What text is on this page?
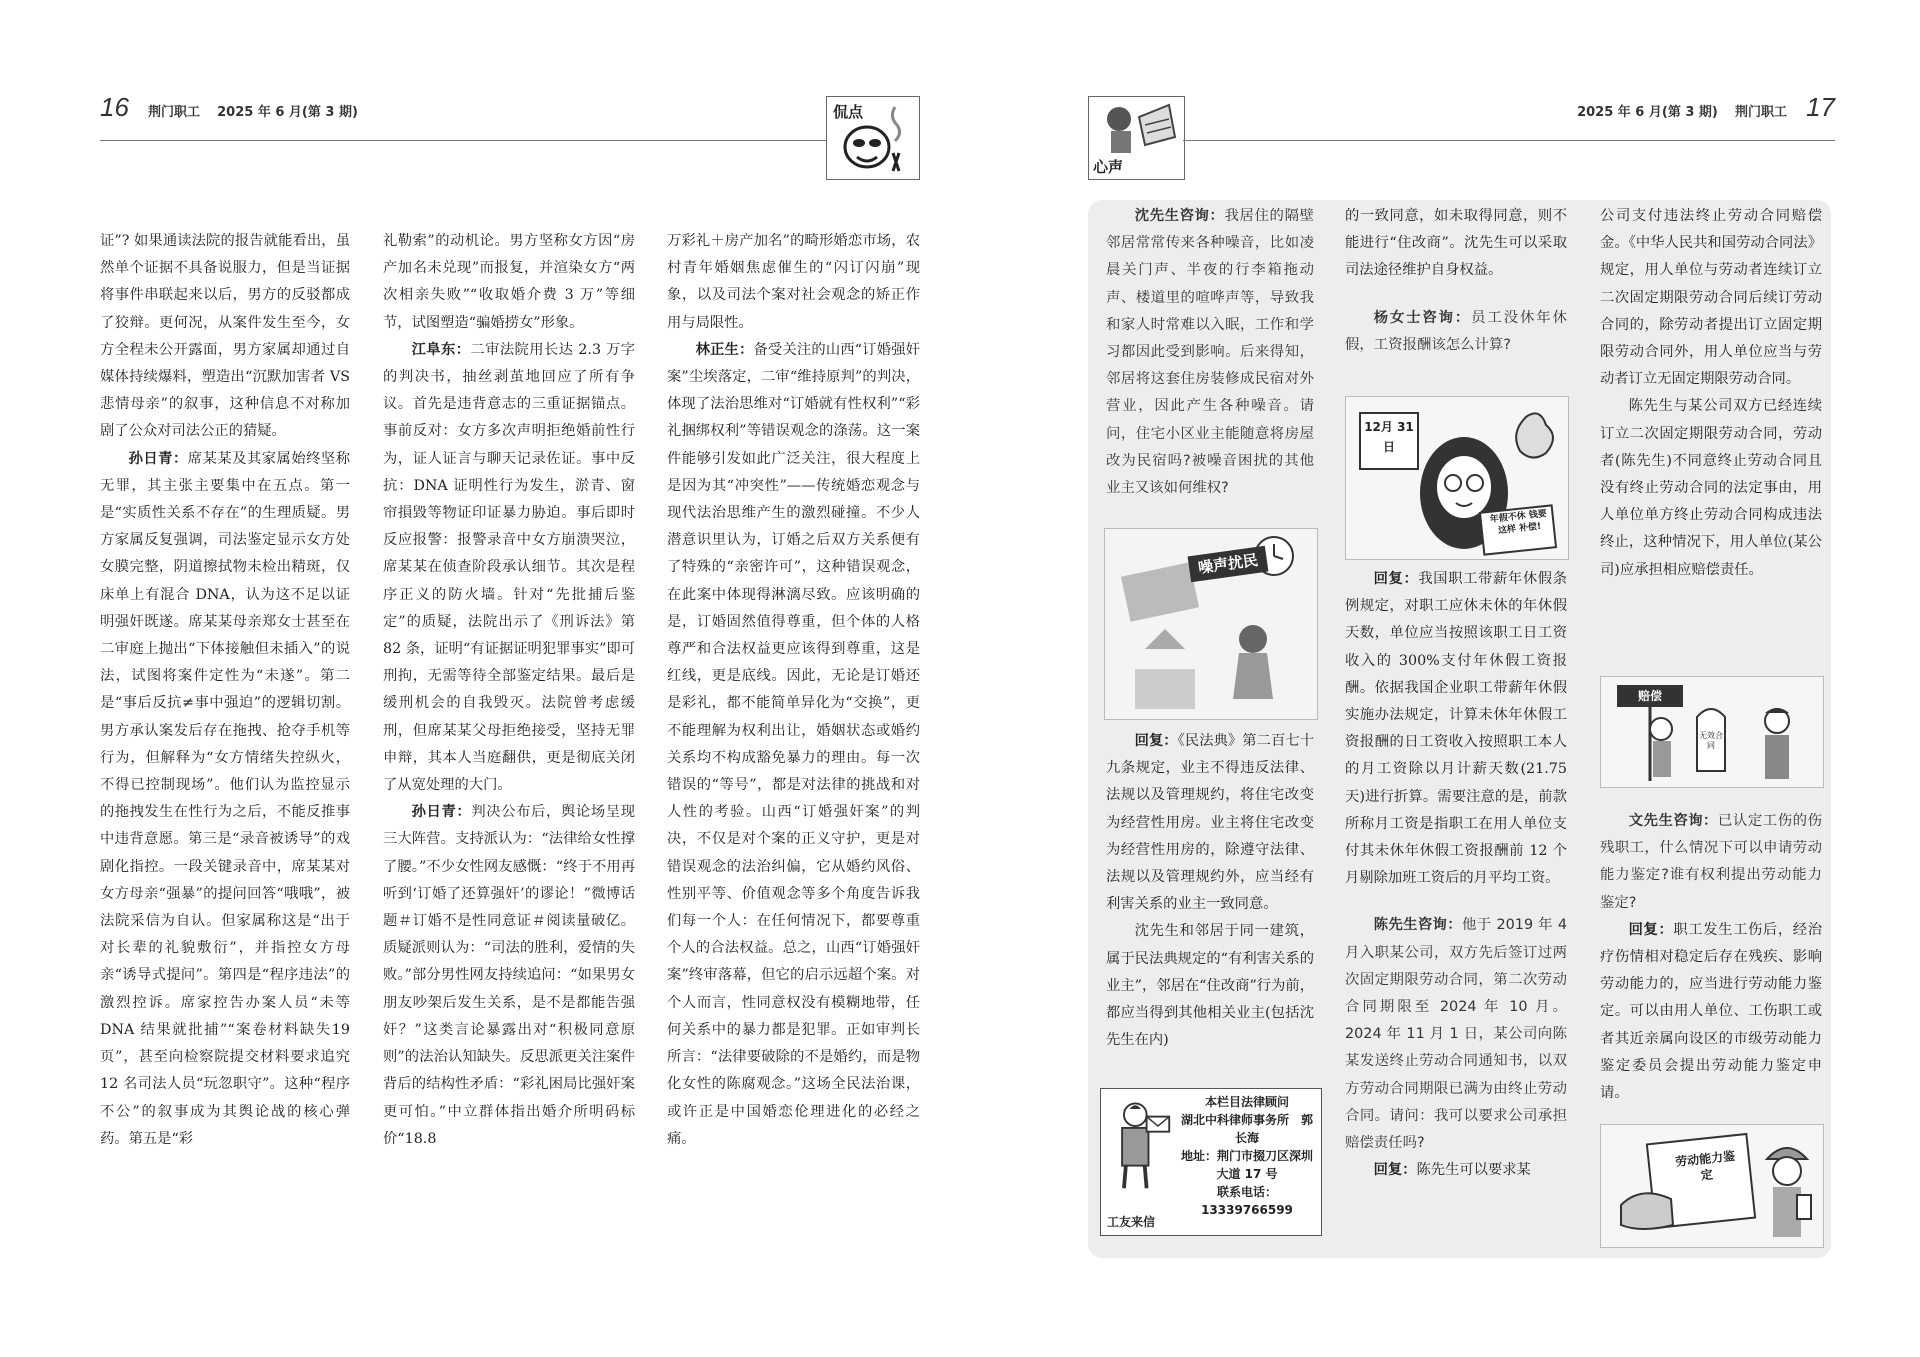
16 荆门职工 2025 年 6 月(第 3 期)	侃点

证”? 如果通读法院的报告就能看出，虽然单个证据不具备说服力，但是当证据将事件串联起来以后，男方的反驳都成了狡辩。更何况，从案件发生至今，女方全程未公开露面，男方家属却通过自媒体持续爆料，塑造出“沉默加害者 VS 悲情母亲”的叙事，这种信息不对称加剧了公众对司法公正的猜疑。

孙日青：席某某及其家属始终坚称无罪，其主张主要集中在五点。第一是“实质性关系不存在”的生理质疑。男方家属反复强调，司法鉴定显示女方处女膜完整，阴道擦拭物未检出精斑，仅床单上有混合 DNA，认为这不足以证明强奸既遂。席某某母亲郑女士甚至在二审庭上抛出“下体接触但未插入”的说法，试图将案件定性为“未遂”。第二是“事后反抗≠事中强迫”的逻辑切割。男方承认案发后存在拖拽、抢夺手机等行为，但解释为“女方情绪失控纵火，不得已控制现场”。他们认为监控显示的拖拽发生在性行为之后，不能反推事中违背意愿。第三是“录音被诱导”的戏剧化指控。一段关键录音中，席某某对女方母亲“强暴”的提问回答“哦哦”，被法院采信为自认。但家属称这是“出于对长辈的礼貌敷衍”，并指控女方母亲“诱导式提问”。第四是“程序违法”的激烈控诉。席家控告办案人员“未等DNA 结果就批捕”“案卷材料缺失19 页”，甚至向检察院提交材料要求追究 12 名司法人员“玩忽职守”。这种“程序不公”的叙事成为其舆论战的核心弹药。第五是“彩

礼勒索”的动机论。男方坚称女方因“房产加名未兑现”而报复，并渲染女方“两次相亲失败”“收取婚介费 3 万”等细节，试图塑造“骗婚捞女”形象。

江阜东：二审法院用长达 2.3 万字的判决书，抽丝剥茧地回应了所有争议。首先是违背意志的三重证据锚点。事前反对：女方多次声明拒绝婚前性行为，证人证言与聊天记录佐证。事中反抗：DNA 证明性行为发生，淤青、窗帘損毀等物证印证暴力胁迫。事后即时反应报警：报警录音中女方崩溃哭泣，席某某在侦查阶段承认细节。其次是程序正义的防火墙。针对“先批捕后鉴定”的质疑，法院出示了《刑诉法》第 82 条，证明“有证据证明犯罪事实”即可刑拘，无需等待全部鉴定结果。最后是缓刑机会的自我毁灭。法院曾考虑缓刑，但席某某父母拒绝接受，坚持无罪申辩，其本人当庭翻供，更是彻底关闭了从宽处理的大门。

孙日青：判决公布后，舆论场呈现三大阵营。支持派认为：“法律给女性撑了腰。”不少女性网友感慨：“终于不用再听到‘订婚了还算强奸’的谬论！”微博话题＃订婚不是性同意证＃阅读量破亿。质疑派则认为：“司法的胜利，爱情的失败。”部分男性网友持续追问：“如果男女朋友吵架后发生关系，是不是都能告强奸？”这类言论暴露出对“积极同意原则”的法治认知缺失。反思派更关注案件背后的结构性矛盾：“彩礼困局比强奸案更可怕。”中立群体指出婚介所明码标价“18.8

万彩礼＋房产加名”的畸形婚恋市场，农村青年婚姻焦虑催生的“闪订闪崩”现象，以及司法个案对社会观念的矫正作用与局限性。

林正生：备受关注的山西“订婚强奸案”尘埃落定，二审“维持原判”的判决，体现了法治思维对“订婚就有性权利”“彩礼捆绑权利”等错误观念的涤荡。这一案件能够引发如此广泛关注，很大程度上是因为其“冲突性”——传统婚恋观念与现代法治思维产生的激烈碰撞。不少人潜意识里认为，订婚之后双方关系便有了特殊的“亲密许可”，这种错误观念，在此案中体现得淋漓尽致。应该明确的是，订婚固然值得尊重，但个体的人格尊严和合法权益更应该得到尊重，这是红线，更是底线。因此，无论是订婚还是彩礼，都不能简单异化为“交换”，更不能理解为权利出让，婚姻状态或婚约关系均不构成豁免暴力的理由。每一次错误的“等号”，都是对法律的挑战和对人性的考验。山西“订婚强奸案”的判决，不仅是对个案的正义守护，更是对错误观念的法治纠偏，它从婚约风俗、性别平等、价值观念等多个角度告诉我们每一个人：在任何情况下，都要尊重个人的合法权益。总之，山西“订婚强奸案”终审落幕，但它的启示远超个案。对个人而言，性同意权没有模糊地带，任何关系中的暴力都是犯罪。正如审判长所言：“法律要破除的不是婚约，而是物化女性的陈腐观念。”这场全民法治课，或许正是中国婚恋伦理进化的必经之痛。

心声
2025 年 6 月(第 3 期) 荆门职工 17

沈先生咨询：我居住的隔壁邻居常常传来各种噪音，比如凌晨关门声、半夜的行李箱拖动声、楼道里的喧哗声等，导致我和家人时常难以入眠，工作和学习都因此受到影响。后来得知，邻居将这套住房装修成民宿对外营业，因此产生各种噪音。请问，住宅小区业主能随意将房屋改为民宿吗?被噪音困扰的其他业主又该如何维权?

噪声扰民

回复：《民法典》第二百七十九条规定，业主不得违反法律、法规以及管理规约，将住宅改变为经营性用房。业主将住宅改变为经营性用房的，除遵守法律、法规以及管理规约外，应当经有利害关系的业主一致同意。

沈先生和邻居于同一建筑，属于民法典规定的“有利害关系的业主”，邻居在“住改商”行为前，都应当得到其他相关业主(包括沈先生在内)

本栏目法律顾问
湖北中科律师事务所　郭长海
地址：荆门市掇刀区深圳大道 17 号
联系电话：
13339766599
工友来信

的一致同意，如未取得同意，则不能进行“住改商”。沈先生可以采取司法途径维护自身权益。

杨女士咨询：员工没休年休假，工资报酬该怎么计算?

12月 31日
年假不休 钱要这样 补偿!

回复：我国职工带薪年休假条例规定，对职工应休未休的年休假天数，单位应当按照该职工日工资收入的 300%支付年休假工资报酬。依据我国企业职工带薪年休假实施办法规定，计算未休年休假工资报酬的日工资收入按照职工本人的月工资除以月计薪天数(21.75 天)进行折算。需要注意的是，前款所称月工资是指职工在用人单位支付其未休年休假工资报酬前 12 个月剔除加班工资后的月平均工资。

陈先生咨询：他于 2019 年 4 月入职某公司，双方先后签订过两次固定期限劳动合同，第二次劳动合同期限至 2024 年 10 月。2024 年 11 月 1 日，某公司向陈某发送终止劳动合同通知书，以双方劳动合同期限已满为由终止劳动合同。请问：我可以要求公司承担赔偿责任吗?

回复：陈先生可以要求某

公司支付违法终止劳动合同赔偿金。《中华人民共和国劳动合同法》规定，用人单位与劳动者连续订立二次固定期限劳动合同后续订劳动合同的，除劳动者提出订立固定期限劳动合同外，用人单位应当与劳动者订立无固定期限劳动合同。

陈先生与某公司双方已经连续订立二次固定期限劳动合同，劳动者(陈先生)不同意终止劳动合同且没有终止劳动合同的法定事由，用人单位单方终止劳动合同构成违法终止，这种情况下，用人单位(某公司)应承担相应赔偿责任。

赔偿
无效合同

文先生咨询：已认定工伤的伤残职工，什么情况下可以申请劳动能力鉴定?谁有权利提出劳动能力鉴定?

回复：职工发生工伤后，经治疗伤情相对稳定后存在残疾、影响劳动能力的，应当进行劳动能力鉴定。可以由用人单位、工伤职工或者其近亲属向设区的市级劳动能力鉴定委员会提出劳动能力鉴定申请。

劳动能力鉴定
